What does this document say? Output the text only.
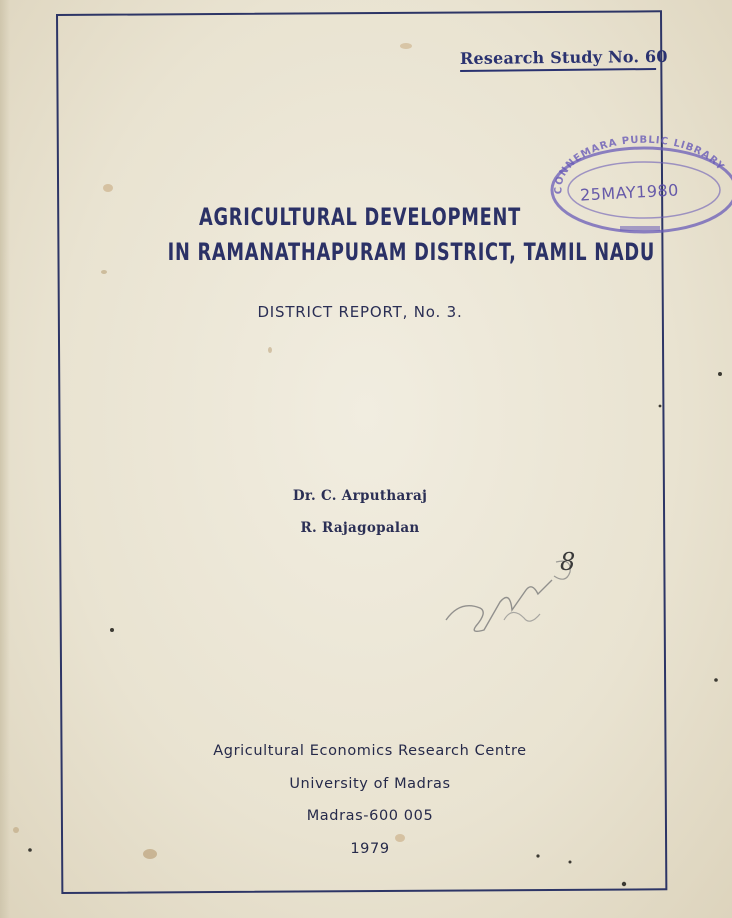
Research Study No. 60
AGRICULTURAL DEVELOPMENT
IN RAMANATHAPURAM DISTRICT, TAMIL NADU
DISTRICT REPORT, No. 3.
Dr. C. Arputharaj
R. Rajagopalan
Agricultural Economics Research Centre
University of Madras
Madras-600 005
1979
CONNEMARA PUBLIC LIBRARY
25MAY1980
8
